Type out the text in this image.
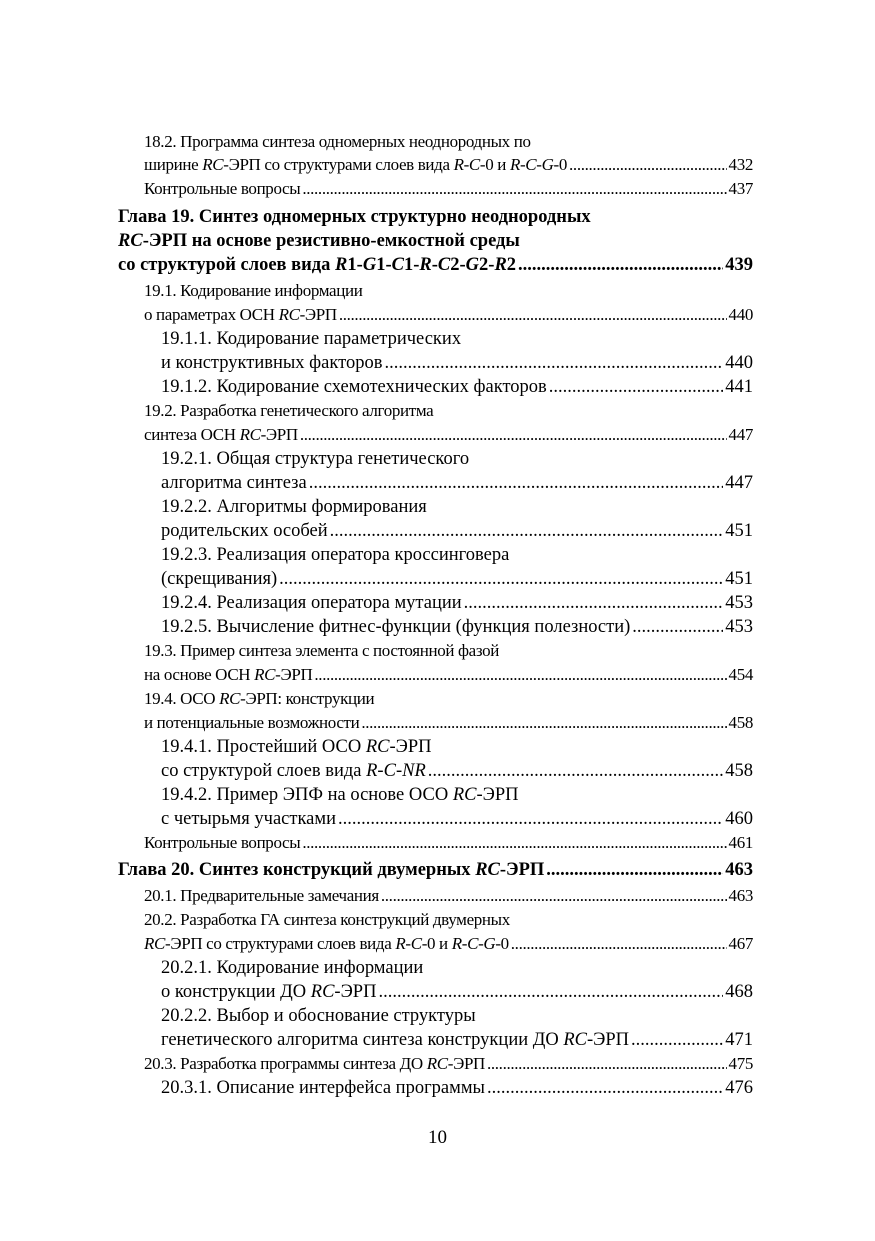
18.2. Программа синтеза одномерных неоднородных по
ширине RC-ЭРП со структурами слоев вида R-C-0 и R-C-G-0 .....	432
Контрольные вопросы .....	437
Глава 19. Синтез одномерных структурно неоднородных
RC-ЭРП на основе резистивно-емкостной среды
со структурой слоев вида R1-G1-C1-R-C2-G2-R2 .....	439
19.1. Кодирование информации
о параметрах ОСН RC-ЭРП .....	440
19.1.1. Кодирование параметрических
и конструктивных факторов .....	440
19.1.2. Кодирование схемотехнических факторов .....	441
19.2. Разработка генетического алгоритма
синтеза ОСН RC-ЭРП .....	447
19.2.1. Общая структура генетического
алгоритма синтеза .....	447
19.2.2. Алгоритмы формирования
родительских особей .....	451
19.2.3. Реализация оператора кроссинговера
(скрещивания) .....	451
19.2.4. Реализация оператора мутации .....	453
19.2.5. Вычисление фитнес-функции (функция полезности) .....	453
19.3. Пример синтеза элемента с постоянной фазой
на основе ОСН RC-ЭРП .....	454
19.4. ОСО RC-ЭРП: конструкции
и потенциальные возможности .....	458
19.4.1. Простейший ОСО RC-ЭРП
со структурой слоев вида R-C-NR .....	458
19.4.2. Пример ЭПФ на основе ОСО RC-ЭРП
с четырьмя участками .....	460
Контрольные вопросы .....	461
Глава 20. Синтез конструкций двумерных RC-ЭРП .....	463
20.1. Предварительные замечания .....	463
20.2. Разработка ГА синтеза конструкций двумерных
RC-ЭРП со структурами слоев вида R-C-0 и R-C-G-0 .....	467
20.2.1. Кодирование информации
о конструкции ДО RC-ЭРП .....	468
20.2.2. Выбор и обоснование структуры
генетического алгоритма синтеза конструкции ДО RC-ЭРП .....	471
20.3. Разработка программы синтеза ДО RC-ЭРП .....	475
20.3.1. Описание интерфейса программы .....	476
10
